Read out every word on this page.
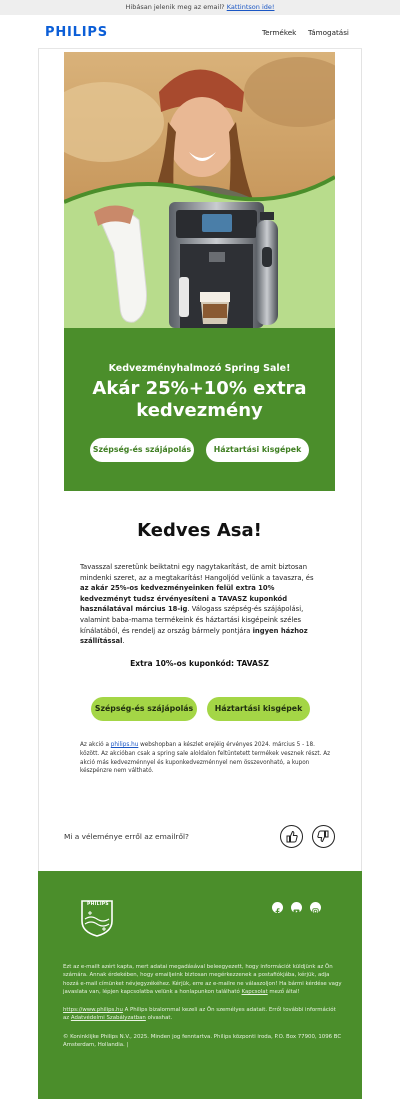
Hibásan jelenik meg az email? Kattintson ide!
PHILIPS	Termékek Támogatási
Kedvezményhalmozó Spring Sale!
Akár 25%+10% extra kedvezmény
Szépség-és szájápolás	Háztartási kisgépek
Kedves Asa!
Tavasszal szeretünk beiktatni egy nagytakarítást, de amit biztosan mindenki szeret, az a megtakarítás! Hangoljód velünk a tavaszra, és az akár 25%-os kedvezményeinken felül extra 10% kedvezményt tudsz érvényesíteni a TAVASZ kuponkód használatával március 18-ig. Válogass szépség-és szájápolási, valamint baba-mama termékeink és háztartási kisgépeink széles kínálatából, és rendelj az ország bármely pontjára ingyen házhoz szállítással.
Extra 10%-os kuponkód: TAVASZ
Szépség-és szájápolás	Háztartási kisgépek
Az akció a philips.hu webshopban a készlet erejéig érvényes 2024. március 5 - 18. között. Az akcióban csak a spring sale aloldalon feltüntetett termékek vesznek részt. Az akció más kedvezménnyel és kuponkedvezménnyel nem összevonható, a kupon készpénzre nem váltható.
Mi a véleménye erről az emailről?
PHILIPS
Ezt az e-mailt azért kapta, mert adatai megadásával beleegyezett, hogy információt küldjünk az Ön számára. Annak érdekében, hogy emailjeink biztosan megérkezzenek a postafiókjába, kérjük, adja hozzá e-mail címünket névjegyzékéhez. Kérjük, erre az e-mailre ne válaszoljon! Ha bármi kérdése vagy javaslata van, lépjen kapcsolatba velünk a honlapunkon található Kapcsolat mező által!
https://www.philips.hu A Philips bizalommal kezeli az Ön személyes adatait. Erről további információt az Adatvédelmi Szabályzatban olvashat.
© Koninklijke Philips N.V., 2025. Minden jog fenntartva. Philips központi iroda, P.O. Box 77900, 1096 BC Amsterdam, Hollandia. |
